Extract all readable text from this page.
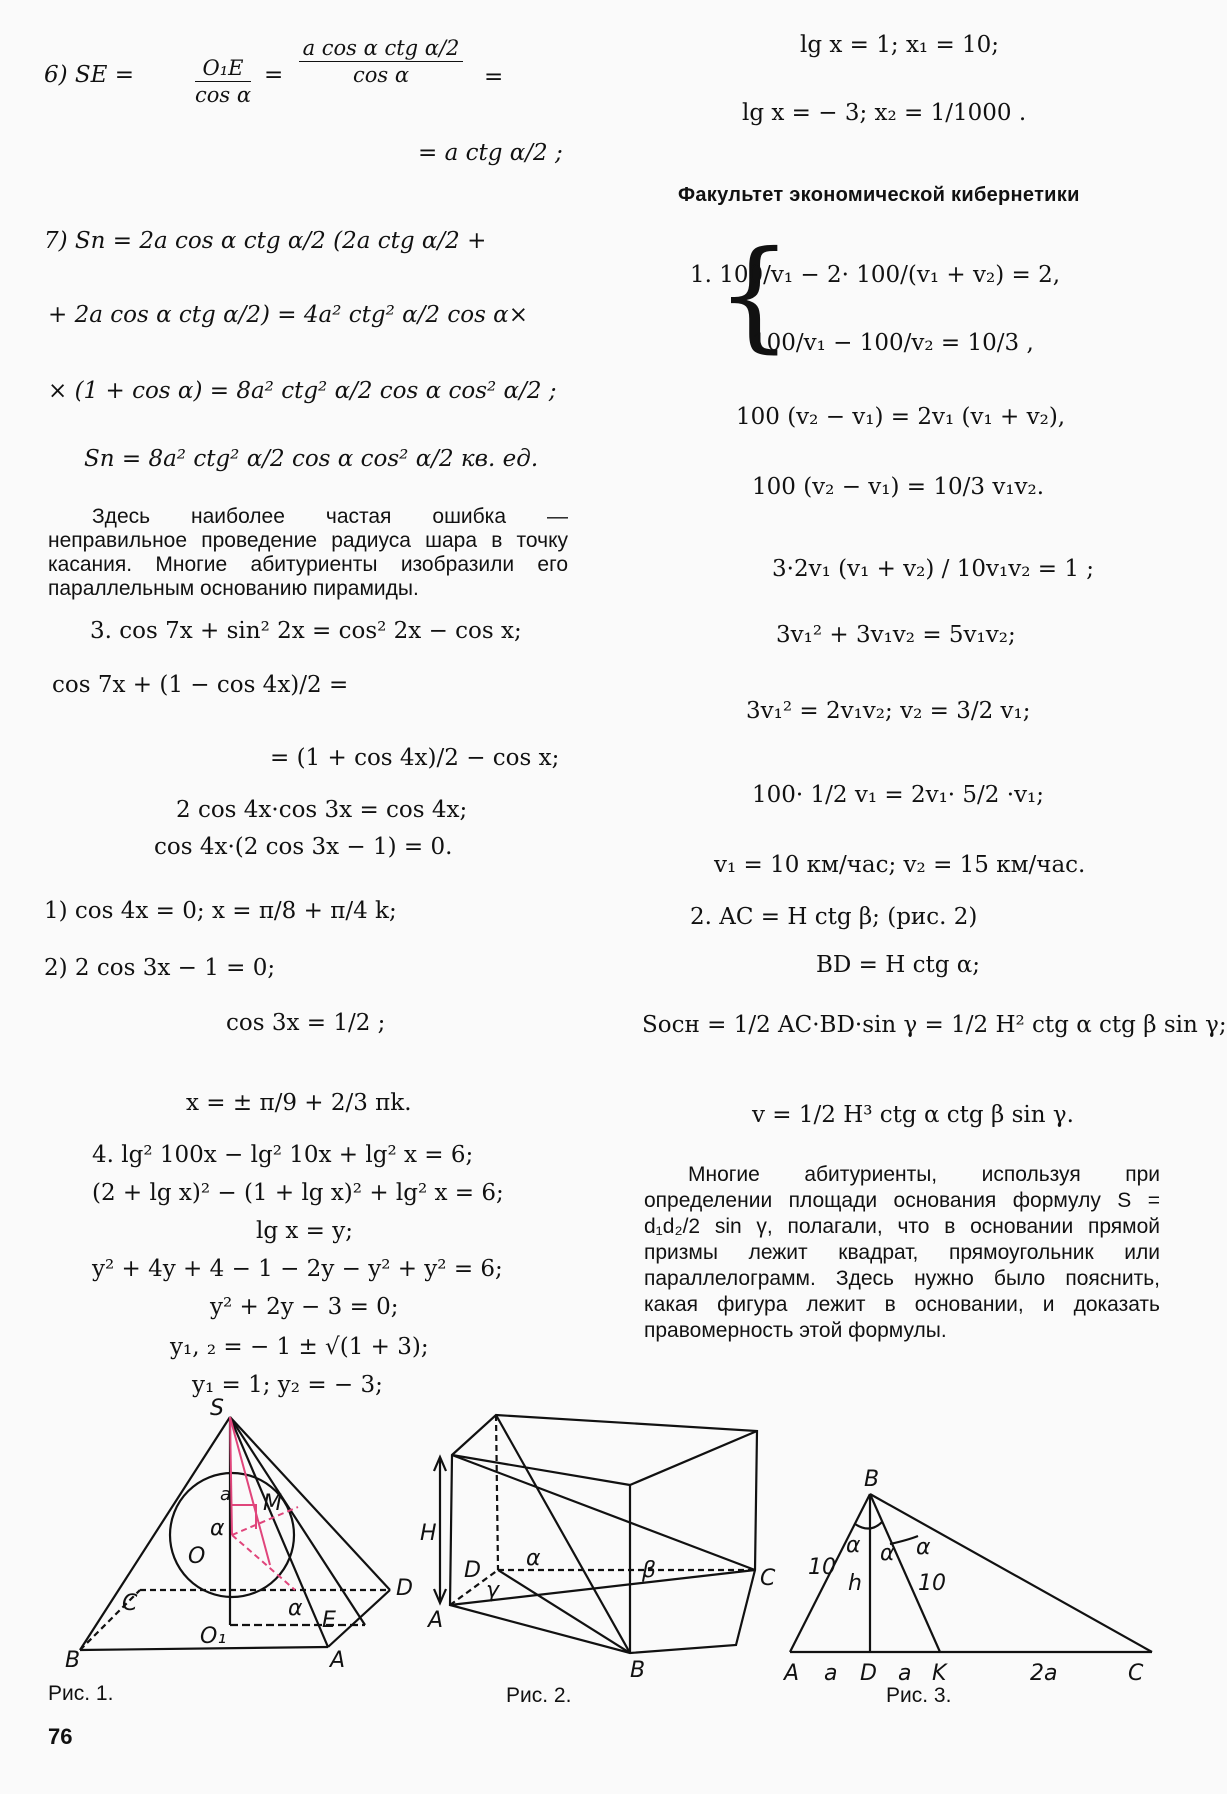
6) SE =	$\frac{\text{O₁E}}{\text{cos α}} = \frac{\text{a cos α ctg α/2}}{\text{cos α}}$ =
= a ctg α/2 ;
7) Sп = 2a cos α ctg α/2 (2a ctg α/2 +
+ 2a cos α ctg α/2) = 4a² ctg² α/2 cos α×
× (1 + cos α) = 8a² ctg² α/2 cos α cos² α/2 ;
Sп = 8a² ctg² α/2 cos α cos² α/2 кв. ед.
Здесь наиболее частая ошибка — неправильное проведение радиуса шара в точку касания. Многие абитуриенты изобразили его параллельным основанию пирамиды.
3. cos 7x + sin² 2x = cos² 2x − cos x;
cos 7x + (1 − cos 4x)/2 =
= (1 + cos 4x)/2 − cos x;
2 cos 4x·cos 3x = cos 4x;
cos 4x·(2 cos 3x − 1) = 0.
1) cos 4x = 0; x = π/8 + π/4 k;
2) 2 cos 3x − 1 = 0;
cos 3x = 1/2 ;
x = ± π/9 + 2/3 πk.
4. lg² 100x − lg² 10x + lg² x = 6;
(2 + lg x)² − (1 + lg x)² + lg² x = 6;
lg x = y;
y² + 4y + 4 − 1 − 2y − y² + y² = 6;
y² + 2y − 3 = 0;
y₁, ₂ = − 1 ± √(1 + 3);
y₁ = 1; y₂ = − 3;
lg x = 1; x₁ = 10;
lg x = − 3; x₂ = 1/1000 .
Факультет экономической кибернетики
{
1. 100/v₁ − 2· 100/(v₁ + v₂) = 2,
100/v₁ − 100/v₂ = 10/3 ,
100 (v₂ − v₁) = 2v₁ (v₁ + v₂),
100 (v₂ − v₁) = 10/3 v₁v₂.
3·2v₁ (v₁ + v₂) / 10v₁v₂ = 1 ;
3v₁² + 3v₁v₂ = 5v₁v₂;
3v₁² = 2v₁v₂; v₂ = 3/2 v₁;
100· 1/2 v₁ = 2v₁· 5/2 ·v₁;
v₁ = 10 км/час; v₂ = 15 км/час.
2. AC = H ctg β; (рис. 2)
BD = H ctg α;
Sосн = 1/2 AC·BD·sin γ = 1/2 H² ctg α ctg β sin γ;
v = 1/2 H³ ctg α ctg β sin γ.
Многие абитуриенты, используя при определении площади основания формулу S = d₁d₂/2 sin γ, полагали, что в основании прямой призмы лежит квадрат, прямоугольник или параллелограмм. Здесь нужно было пояснить, какая фигура лежит в основании, и доказать правомерность этой формулы.
S
a M
α
O
C
D
O₁
α E
B	A
Рис. 1.
H
D α
γ
β	C
A
B
Рис. 2.
B
α α α
10
h	10
A a D a K	2a	C
Рис. 3.
76
